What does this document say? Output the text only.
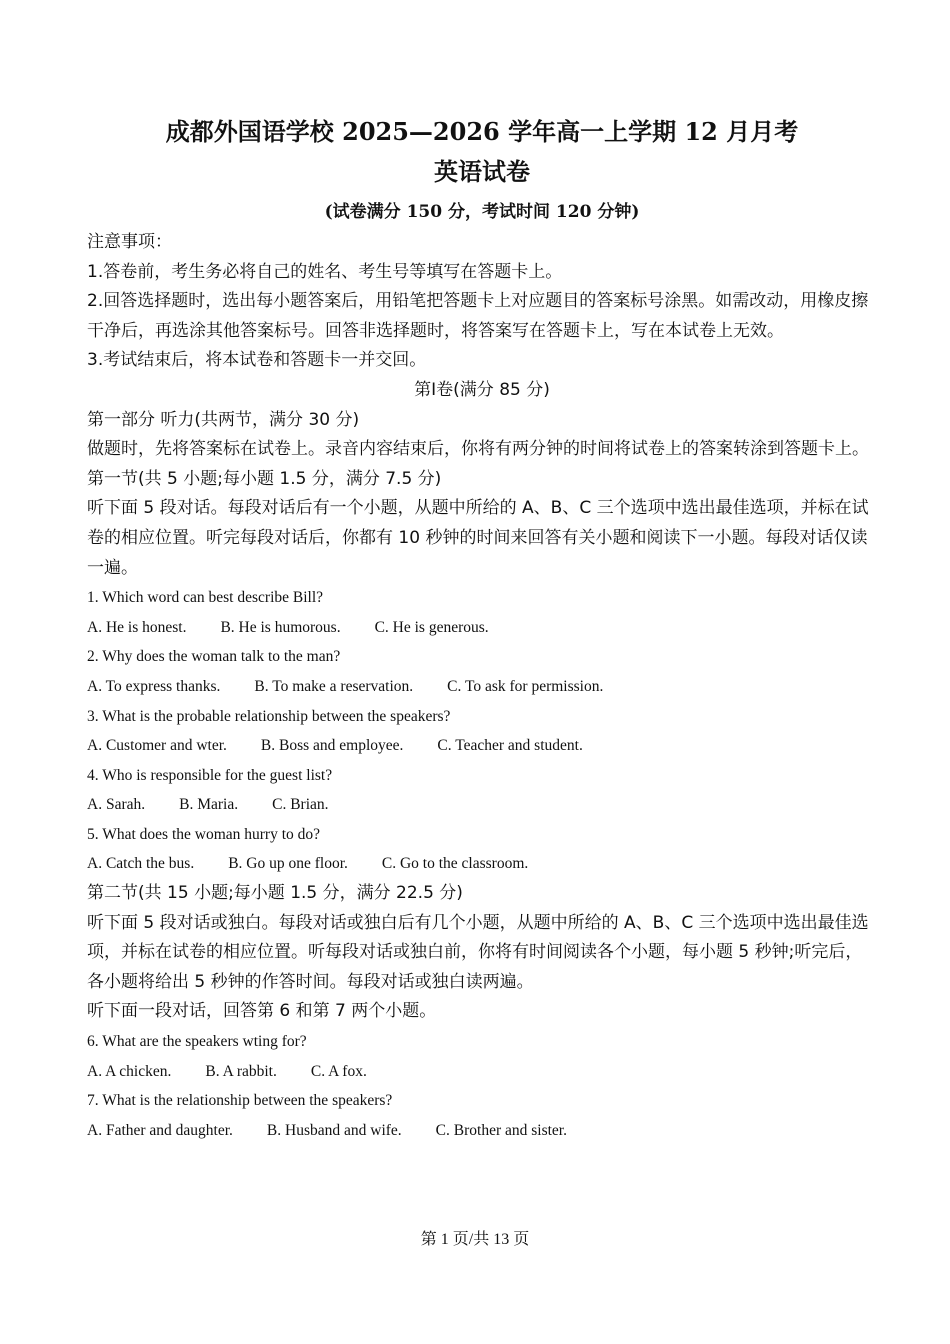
成都外国语学校 2025—2026 学年高一上学期 12 月月考

英语试卷

(试卷满分 150 分，考试时间 120 分钟)

注意事项：

1.答卷前，考生务必将自己的姓名、考生号等填写在答题卡上。

2.回答选择题时，选出每小题答案后，用铅笔把答题卡上对应题目的答案标号涂黑。如需改动，用橡皮擦干净后，再选涂其他答案标号。回答非选择题时，将答案写在答题卡上，写在本试卷上无效。

3.考试结束后，将本试卷和答题卡一并交回。

第Ⅰ卷(满分 85 分)

第一部分 听力(共两节，满分 30 分)

做题时，先将答案标在试卷上。录音内容结束后，你将有两分钟的时间将试卷上的答案转涂到答题卡上。

第一节(共 5 小题;每小题 1.5 分，满分 7.5 分)

听下面 5 段对话。每段对话后有一个小题，从题中所给的 A、B、C 三个选项中选出最佳选项，并标在试卷的相应位置。听完每段对话后，你都有 10 秒钟的时间来回答有关小题和阅读下一小题。每段对话仅读一遍。

1. Which word can best describe Bill?

A. He is honest. B. He is humorous. C. He is generous.

2. Why does the woman talk to the man?

A. To express thanks. B. To make a reservation. C. To ask for permission.

3. What is the probable relationship between the speakers?

A. Customer and wter. B. Boss and employee. C. Teacher and student.

4. Who is responsible for the guest list?

A. Sarah. B. Maria. C. Brian.

5. What does the woman hurry to do?

A. Catch the bus. B. Go up one floor. C. Go to the classroom.

第二节(共 15 小题;每小题 1.5 分，满分 22.5 分)

听下面 5 段对话或独白。每段对话或独白后有几个小题，从题中所给的 A、B、C 三个选项中选出最佳选项，并标在试卷的相应位置。听每段对话或独白前，你将有时间阅读各个小题，每小题 5 秒钟;听完后，各小题将给出 5 秒钟的作答时间。每段对话或独白读两遍。

听下面一段对话，回答第 6 和第 7 两个小题。

6. What are the speakers wting for?

A. A chicken. B. A rabbit. C. A fox.

7. What is the relationship between the speakers?

A. Father and daughter. B. Husband and wife. C. Brother and sister.

第 1 页/共 13 页
